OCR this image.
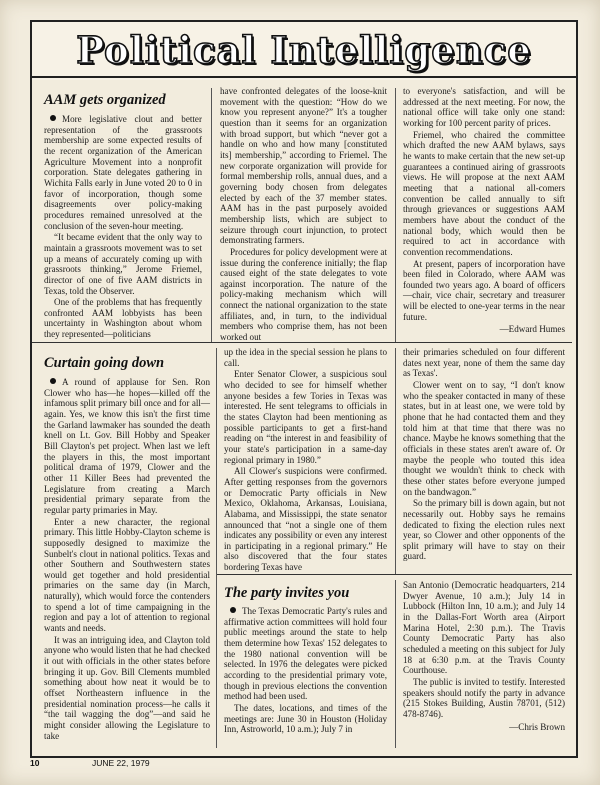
Political Intelligence
AAM gets organized

More legislative clout and better representation of the grassroots membership are some expected results of the recent organization of the American Agriculture Movement into a nonprofit corporation. State delegates gathering in Wichita Falls early in June voted 20 to 0 in favor of incorporation, though some disagreements over policy-making procedures remained unresolved at the conclusion of the seven-hour meeting.

“It became evident that the only way to maintain a grassroots movement was to set up a means of accurately coming up with grassroots thinking,” Jerome Friemel, director of one of five AAM districts in Texas, told the Observer.

One of the problems that has frequently confronted AAM lobbyists has been uncertainty in Washington about whom they represented—politicians

have confronted delegates of the loose-knit movement with the question: “How do we know you represent anyone?” It's a tougher question than it seems for an organization with broad support, but which “never got a handle on who and how many [constituted its] membership,” according to Friemel. The new corporate organization will provide for formal membership rolls, annual dues, and a governing body chosen from delegates elected by each of the 37 member states. AAM has in the past purposely avoided membership lists, which are subject to seizure through court injunction, to protect demonstrating farmers.

Procedures for policy development were at issue during the conference initially; the flap caused eight of the state delegates to vote against incorporation. The nature of the policy-making mechanism which will connect the national organization to the state affiliates, and, in turn, to the individual members who comprise them, has not been worked out

to everyone's satisfaction, and will be addressed at the next meeting. For now, the national office will take only one stand: working for 100 percent parity of prices.

Friemel, who chaired the committee which drafted the new AAM bylaws, says he wants to make certain that the new set-up guarantees a continued airing of grassroots views. He will propose at the next AAM meeting that a national all-comers convention be called annually to sift through grievances or suggestions AAM members have about the conduct of the national body, which would then be required to act in accordance with convention recommendations.

At present, papers of incorporation have been filed in Colorado, where AAM was founded two years ago. A board of officers—chair, vice chair, secretary and treasurer will be elected to one-year terms in the near future.

—Edward Humes

Curtain going down

A round of applause for Sen. Ron Clower who has—he hopes—killed off the infamous split primary bill once and for all—again. Yes, we know this isn't the first time the Garland lawmaker has sounded the death knell on Lt. Gov. Bill Hobby and Speaker Bill Clayton's pet project. When last we left the players in this, the most important political drama of 1979, Clower and the other 11 Killer Bees had prevented the Legislature from creating a March presidential primary separate from the regular party primaries in May.

Enter a new character, the regional primary. This little Hobby-Clayton scheme is supposedly designed to maximize the Sunbelt's clout in national politics. Texas and other Southern and Southwestern states would get together and hold presidential primaries on the same day (in March, naturally), which would force the contenders to spend a lot of time campaigning in the region and pay a lot of attention to regional wants and needs.

It was an intriguing idea, and Clayton told anyone who would listen that he had checked it out with officials in the other states before bringing it up. Gov. Bill Clements mumbled something about how neat it would be to offset Northeastern influence in the presidential nomination process—he calls it “the tail wagging the dog”—and said he might consider allowing the Legislature to take

up the idea in the special session he plans to call.

Enter Senator Clower, a suspicious soul who decided to see for himself whether anyone besides a few Tories in Texas was interested. He sent telegrams to officials in the states Clayton had been mentioning as possible participants to get a first-hand reading on “the interest in and feasibility of your state's participation in a same-day regional primary in 1980.”

All Clower's suspicions were confirmed. After getting responses from the governors or Democratic Party officials in New Mexico, Oklahoma, Arkansas, Louisiana, Alabama, and Mississippi, the state senator announced that “not a single one of them indicates any possibility or even any interest in participating in a regional primary.” He also discovered that the four states bordering Texas have

their primaries scheduled on four different dates next year, none of them the same day as Texas'.

Clower went on to say, “I don't know who the speaker contacted in many of these states, but in at least one, we were told by phone that he had contacted them and they told him at that time that there was no chance. Maybe he knows something that the officials in these states aren't aware of. Or maybe the people who touted this idea thought we wouldn't think to check with these other states before everyone jumped on the bandwagon.”

So the primary bill is down again, but not necessarily out. Hobby says he remains dedicated to fixing the election rules next year, so Clower and other opponents of the split primary will have to stay on their guard.

The party invites you

The Texas Democratic Party's rules and affirmative action committees will hold four public meetings around the state to help them determine how Texas' 152 delegates to the 1980 national convention will be selected. In 1976 the delegates were picked according to the presidential primary vote, though in previous elections the convention method had been used.

The dates, locations, and times of the meetings are: June 30 in Houston (Holiday Inn, Astroworld, 10 a.m.); July 7 in

San Antonio (Democratic headquarters, 214 Dwyer Avenue, 10 a.m.); July 14 in Lubbock (Hilton Inn, 10 a.m.); and July 14 in the Dallas-Fort Worth area (Airport Marina Hotel, 2:30 p.m.). The Travis County Democratic Party has also scheduled a meeting on this subject for July 18 at 6:30 p.m. at the Travis County Courthouse.

The public is invited to testify. Interested speakers should notify the party in advance (215 Stokes Building, Austin 78701, (512) 478-8746).

—Chris Brown

10	JUNE 22, 1979
